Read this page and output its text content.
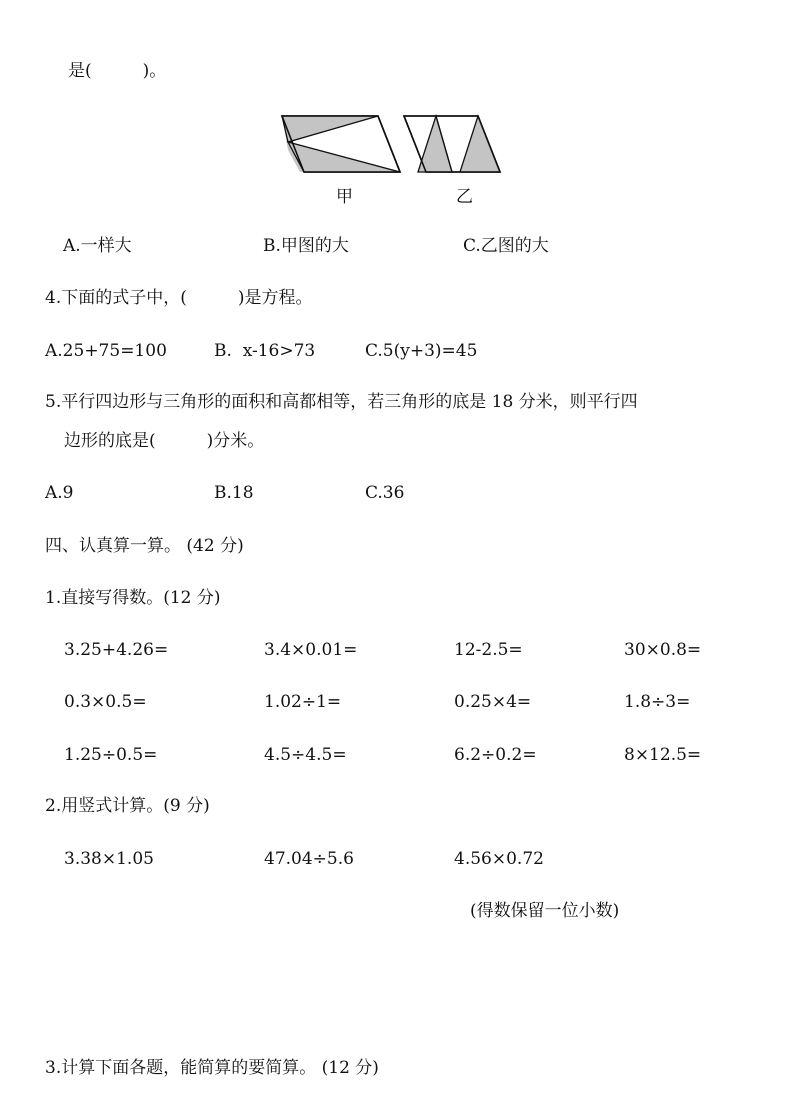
是(　　　)。
甲	乙
A.一样大	B.甲图的大	C.乙图的大
4.下面的式子中，(　　　)是方程。
A.25+75=100	B.  x-16>73	C.5(y+3)=45
5.平行四边形与三角形的面积和高都相等，若三角形的底是 18 分米，则平行四
边形的底是(　　　)分米。
A.9	B.18	C.36
四、认真算一算。 (42 分)
1.直接写得数。(12 分)
3.25+4.26=	3.4×0.01=	12-2.5=	30×0.8=
0.3×0.5=	1.02÷1=	0.25×4=	1.8÷3=
1.25÷0.5=	4.5÷4.5=	6.2÷0.2=	8×12.5=
2.用竖式计算。(9 分)
3.38×1.05	47.04÷5.6	4.56×0.72
(得数保留一位小数)
3.计算下面各题，能简算的要简算。 (12 分)
